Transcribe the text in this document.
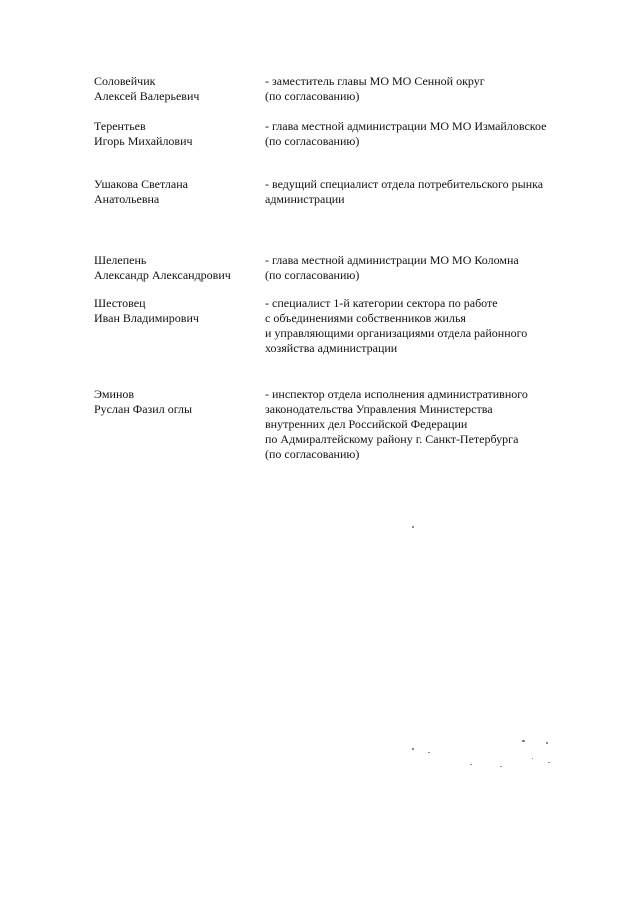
Соловейчик
Алексей Валерьевич
- заместитель главы МО МО Сенной округ
(по согласованию)
Терентьев
Игорь Михайлович
- глава местной администрации МО МО Измайловское
(по согласованию)
Ушакова Светлана
Анатольевна
- ведущий специалист отдела потребительского рынка
администрации
Шелепень
Александр Александрович
- глава местной администрации МО МО Коломна
(по согласованию)
Шестовец
Иван Владимирович
- специалист 1-й категории сектора по работе
с объединениями собственников жилья
и управляющими организациями отдела районного
хозяйства администрации
Эминов
Руслан Фазил оглы
- инспектор отдела исполнения административного
законодательства Управления Министерства
внутренних дел Российской Федерации
по Адмиралтейскому району г. Санкт-Петербурга
(по согласованию)
